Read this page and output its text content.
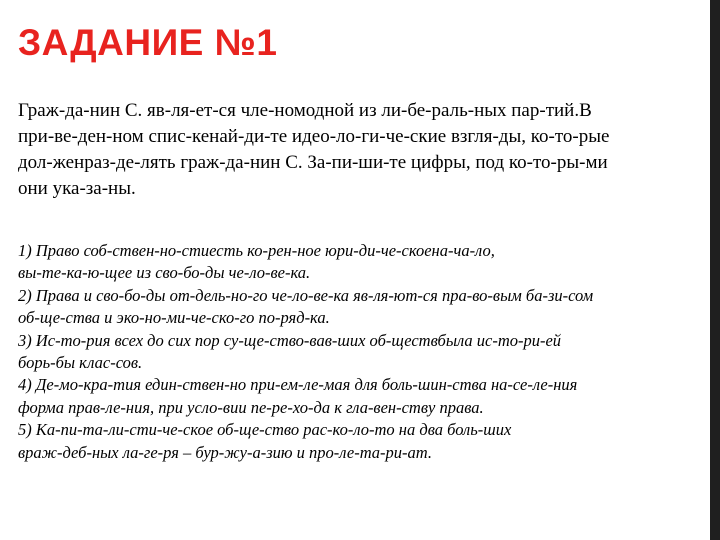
ЗАДАНИЕ №1
Граж-да-нин С. яв-ля-ет-ся чле-номодной из ли-бе-раль-ных пар-тий.В
при-ве-ден-ном спис-кенай-ди-те идео-ло-ги-че-ские взгля-ды, ко-то-рые
дол-женраз-де-лять граж-да-нин С. За-пи-ши-те цифры, под ко-то-ры-ми
они ука-за-ны.
1) Право соб-ствен-но-стиесть ко-рен-ное юри-ди-че-скоена-ча-ло,
вы-те-ка-ю-щее из сво-бо-ды че-ло-ве-ка.
2) Права и сво-бо-ды от-дель-но-го че-ло-ве-ка яв-ля-ют-ся пра-во-вым ба-зи-сом
об-ще-ства и эко-но-ми-че-ско-го по-ряд-ка.
3) Ис-то-рия всех до сих пор су-ще-ство-вав-ших об-ществбыла ис-то-ри-ей
борь-бы клас-сов.
4) Де-мо-кра-тия един-ствен-но при-ем-ле-мая для боль-шин-ства на-се-ле-ния
форма прав-ле-ния, при усло-вии пе-ре-хо-да к гла-вен-ству права.
5) Ка-пи-та-ли-сти-че-ское об-ще-ство рас-ко-ло-то на два боль-ших
враж-деб-ных ла-ге-ря – бур-жу-а-зию и про-ле-та-ри-ат.
